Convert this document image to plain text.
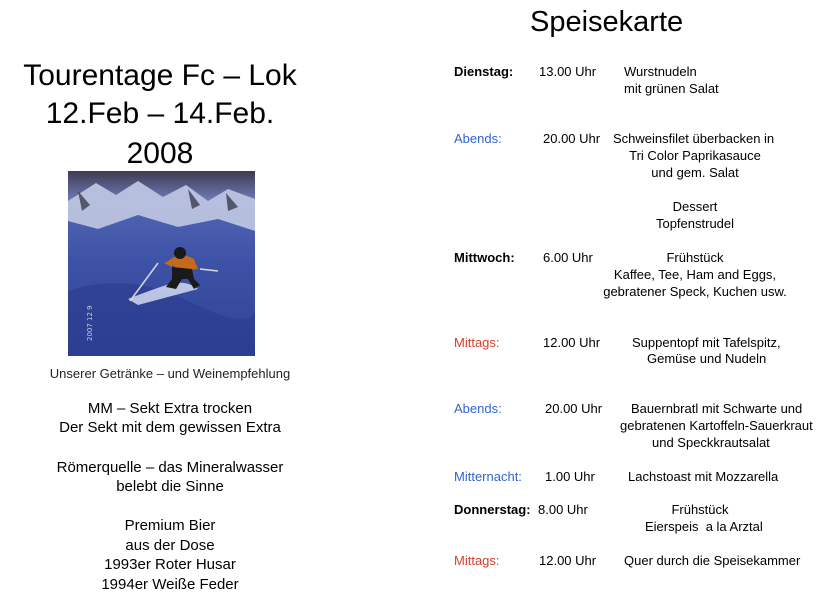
Tourentage Fc – Lok
12.Feb – 14.Feb.
2008
2007 12 9
Unserer Getränke – und Weinempfehlung
MM – Sekt Extra trocken
Der Sekt mit dem gewissen Extra
Römerquelle – das Mineralwasser
belebt die Sinne
Premium Bier
aus der Dose
1993er Roter Husar
1994er Weiße Feder
Speisekarte
Dienstag: 13.00 Uhr Wurstnudeln
mit grünen Salat
Abends:	20.00 Uhr Schweinsfilet überbacken in
Tri Color Paprikasauce
und gem. Salat
Dessert
Topfenstrudel
Mittwoch: 6.00 Uhr	Frühstück
Kaffee, Tee, Ham and Eggs,
gebratener Speck, Kuchen usw.
Mittags:	12.00 Uhr Suppentopf mit Tafelspitz,
Gemüse und Nudeln
Abends:	20.00 Uhr Bauernbratl mit Schwarte und
gebratenen Kartoffeln-Sauerkraut
und Speckkrautsalat
Mitternacht: 1.00 Uhr	Lachstoast mit Mozzarella
Donnerstag: 8.00 Uhr	Frühstück
Eierspeis  a la Arztal
Mittags:	12.00 Uhr Quer durch die Speisekammer
